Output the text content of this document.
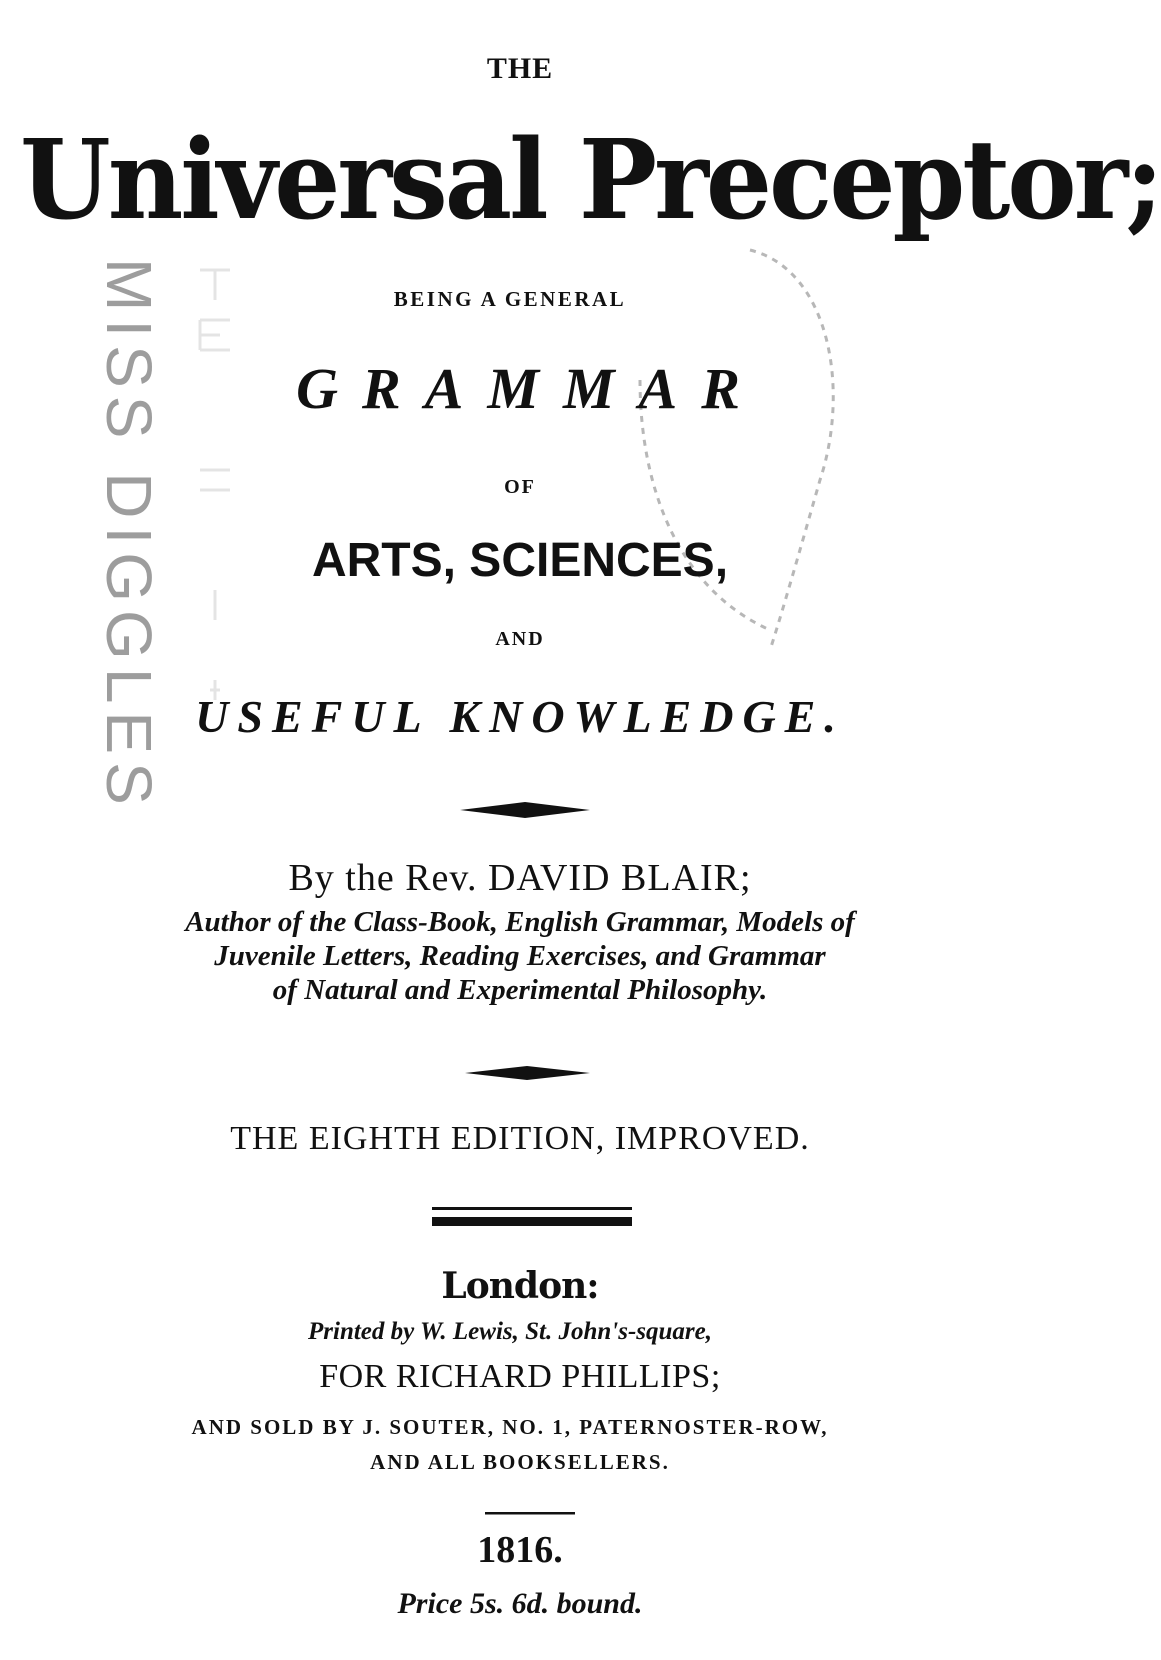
MISS DIGGLES
THE
Universal Preceptor;
BEING A GENERAL
GRAMMAR
OF
ARTS, SCIENCES,
AND
USEFUL KNOWLEDGE.
By the Rev. DAVID BLAIR;
Author of the Class-Book, English Grammar, Models of
Juvenile Letters, Reading Exercises, and Grammar
of Natural and Experimental Philosophy.
THE EIGHTH EDITION, IMPROVED.
London:
Printed by W. Lewis, St. John's-square,
FOR RICHARD PHILLIPS;
AND SOLD BY J. SOUTER, NO. 1, PATERNOSTER-ROW,
AND ALL BOOKSELLERS.
1816.
Price 5s. 6d. bound.
